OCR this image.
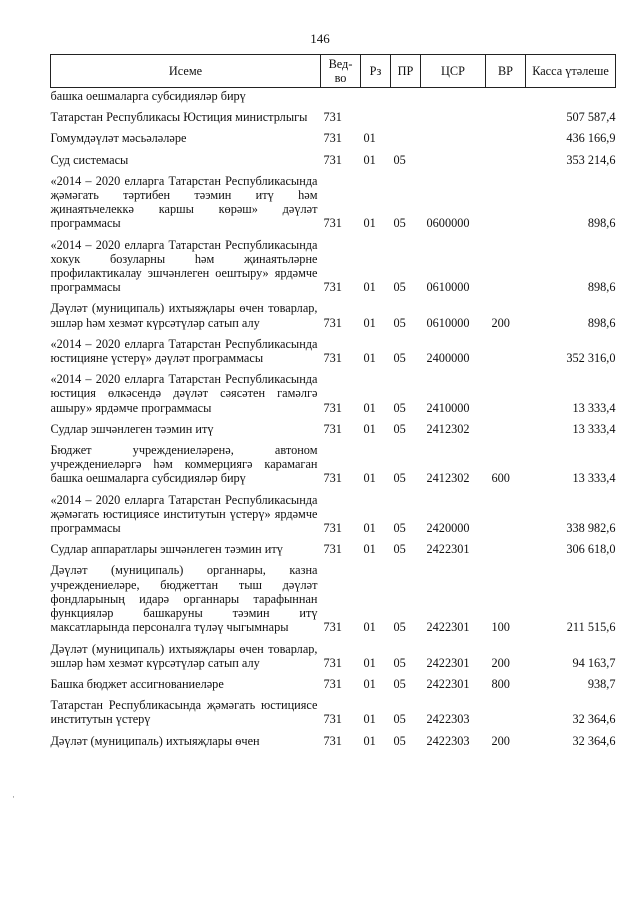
146
Исеме	Вед-во	Рз	ПР	ЦСР	ВР	Касса үтәлеше
башка оешмаларга субсидияләр бирү						
Татарстан Республикасы Юстиция министрлыгы	731					507 587,4
Гомумдәүләт мәсьәләләре	731	01				436 166,9
Суд системасы	731	01	05			353 214,6
«2014 – 2020 елларга Татарстан Республикасында җәмәгать тәртибен тәэмин итү һәм җинаятьчелеккә каршы көрәш» дәүләт программасы	731	01	05	0600000		898,6
«2014 – 2020 елларга Татарстан Республикасында хокук бозуларны һәм җинаятьләрне профилактикалау эшчәнлеген оештыру» ярдәмче программасы	731	01	05	0610000		898,6
Дәүләт (муниципаль) ихтыяҗлары өчен товарлар, эшләр һәм хезмәт күрсәтүләр сатып алу	731	01	05	0610000	200	898,6
«2014 – 2020 елларга Татарстан Республикасында юстицияне үстерү» дәүләт программасы	731	01	05	2400000		352 316,0
«2014 – 2020 елларга Татарстан Республикасында юстиция өлкәсендә дәүләт сәясәтен гамәлгә ашыру» ярдәмче программасы	731	01	05	2410000		13 333,4
Судлар эшчәнлеген тәэмин итү	731	01	05	2412302		13 333,4
Бюджет учреждениеләренә, автоном учреждениеләргә һәм коммерциягә карамаган башка оешмаларга субсидияләр бирү	731	01	05	2412302	600	13 333,4
«2014 – 2020 елларга Татарстан Республикасында җәмәгать юстициясе институтын үстерү» ярдәмче программасы	731	01	05	2420000		338 982,6
Судлар аппаратлары эшчәнлеген тәэмин итү	731	01	05	2422301		306 618,0
Дәүләт (муниципаль) органнары, казна учреждениеләре, бюджеттан тыш дәүләт фондларының идарә органнары тарафыннан функцияләр башкаруны тәэмин итү максатларында персоналга түләү чыгымнары	731	01	05	2422301	100	211 515,6
Дәүләт (муниципаль) ихтыяҗлары өчен товарлар, эшләр һәм хезмәт күрсәтүләр сатып алу	731	01	05	2422301	200	94 163,7
Башка бюджет ассигнованиеләре	731	01	05	2422301	800	938,7
Татарстан Республикасында җәмәгать юстициясе институтын үстерү	731	01	05	2422303		32 364,6
Дәүләт (муниципаль) ихтыяҗлары өчен	731	01	05	2422303	200	32 364,6
·
